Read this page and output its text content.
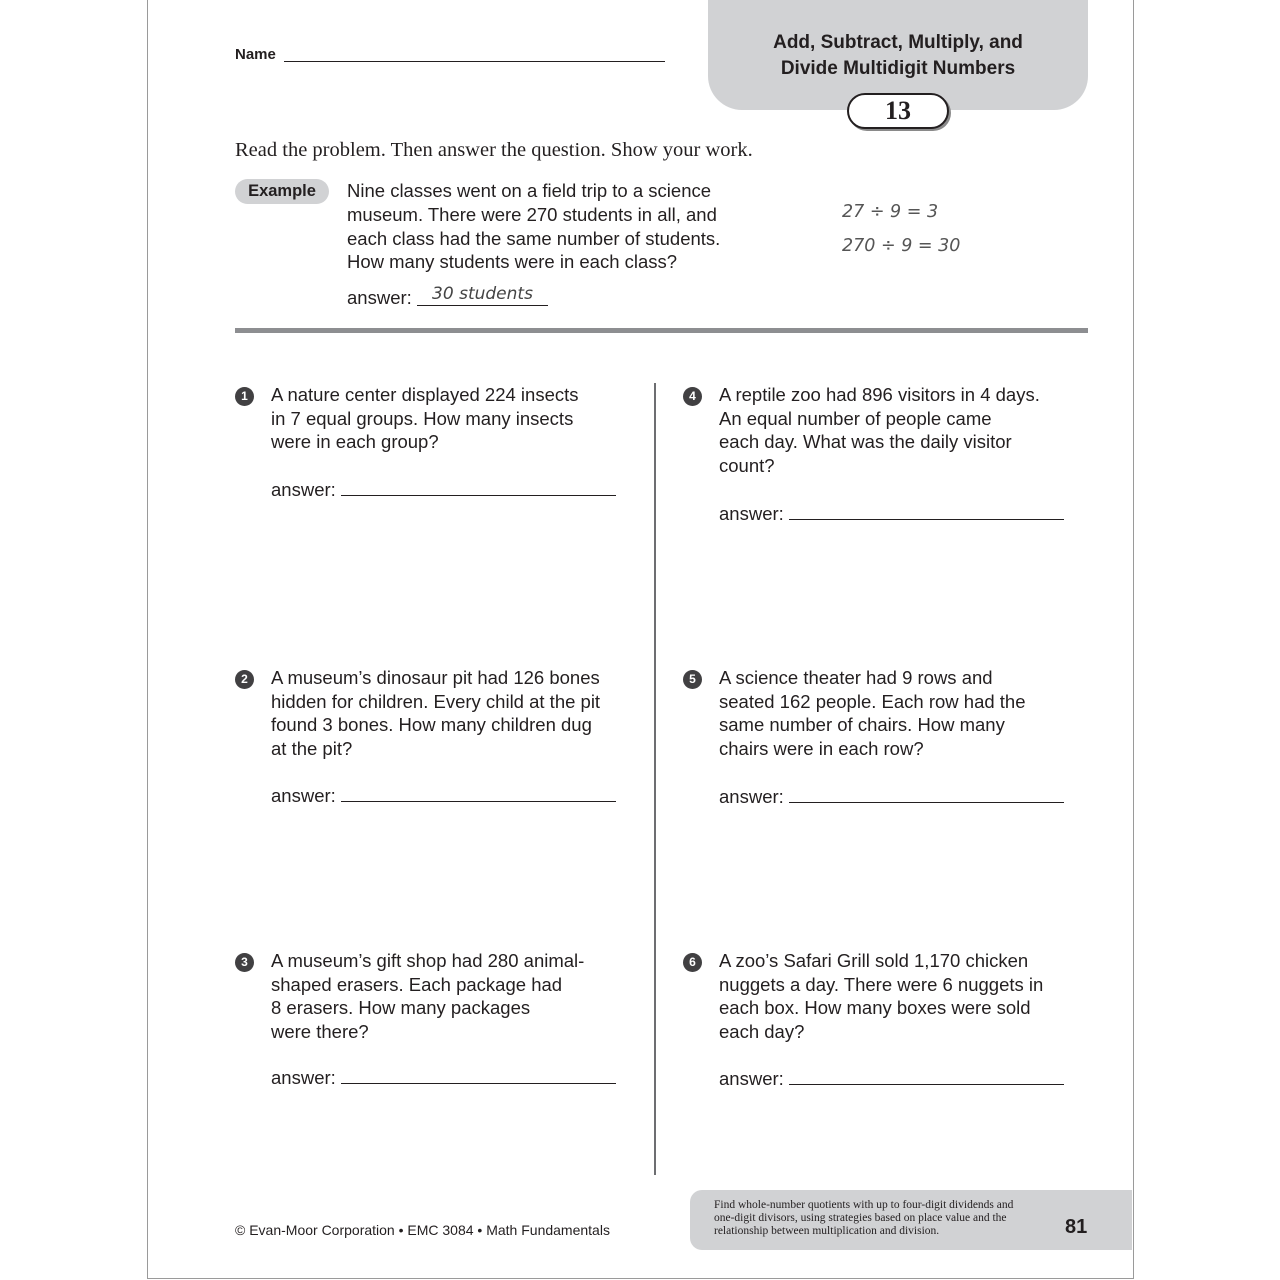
Name
Add, Subtract, Multiply, and
Divide Multidigit Numbers
13
Read the problem. Then answer the question. Show your work.
Example	Nine classes went on a field trip to a science
museum. There were 270 students in all, and
each class had the same number of students.
How many students were in each class?
answer:	30 students
27 ÷ 9 = 3
270 ÷ 9 = 30
1	A nature center displayed 224 insects
in 7 equal groups. How many insects
were in each group?
answer:
2	A museum’s dinosaur pit had 126 bones
hidden for children. Every child at the pit
found 3 bones. How many children dug
at the pit?
answer:
3	A museum’s gift shop had 280 animal-
shaped erasers. Each package had
8 erasers. How many packages
were there?
answer:
4	A reptile zoo had 896 visitors in 4 days.
An equal number of people came
each day. What was the daily visitor
count?
answer:
5	A science theater had 9 rows and
seated 162 people. Each row had the
same number of chairs. How many
chairs were in each row?
answer:
6	A zoo’s Safari Grill sold 1,170 chicken
nuggets a day. There were 6 nuggets in
each box. How many boxes were sold
each day?
answer:
© Evan-Moor Corporation • EMC 3084 • Math Fundamentals
Find whole-number quotients with up to four-digit dividends and
one-digit divisors, using strategies based on place value and the
relationship between multiplication and division.	81
